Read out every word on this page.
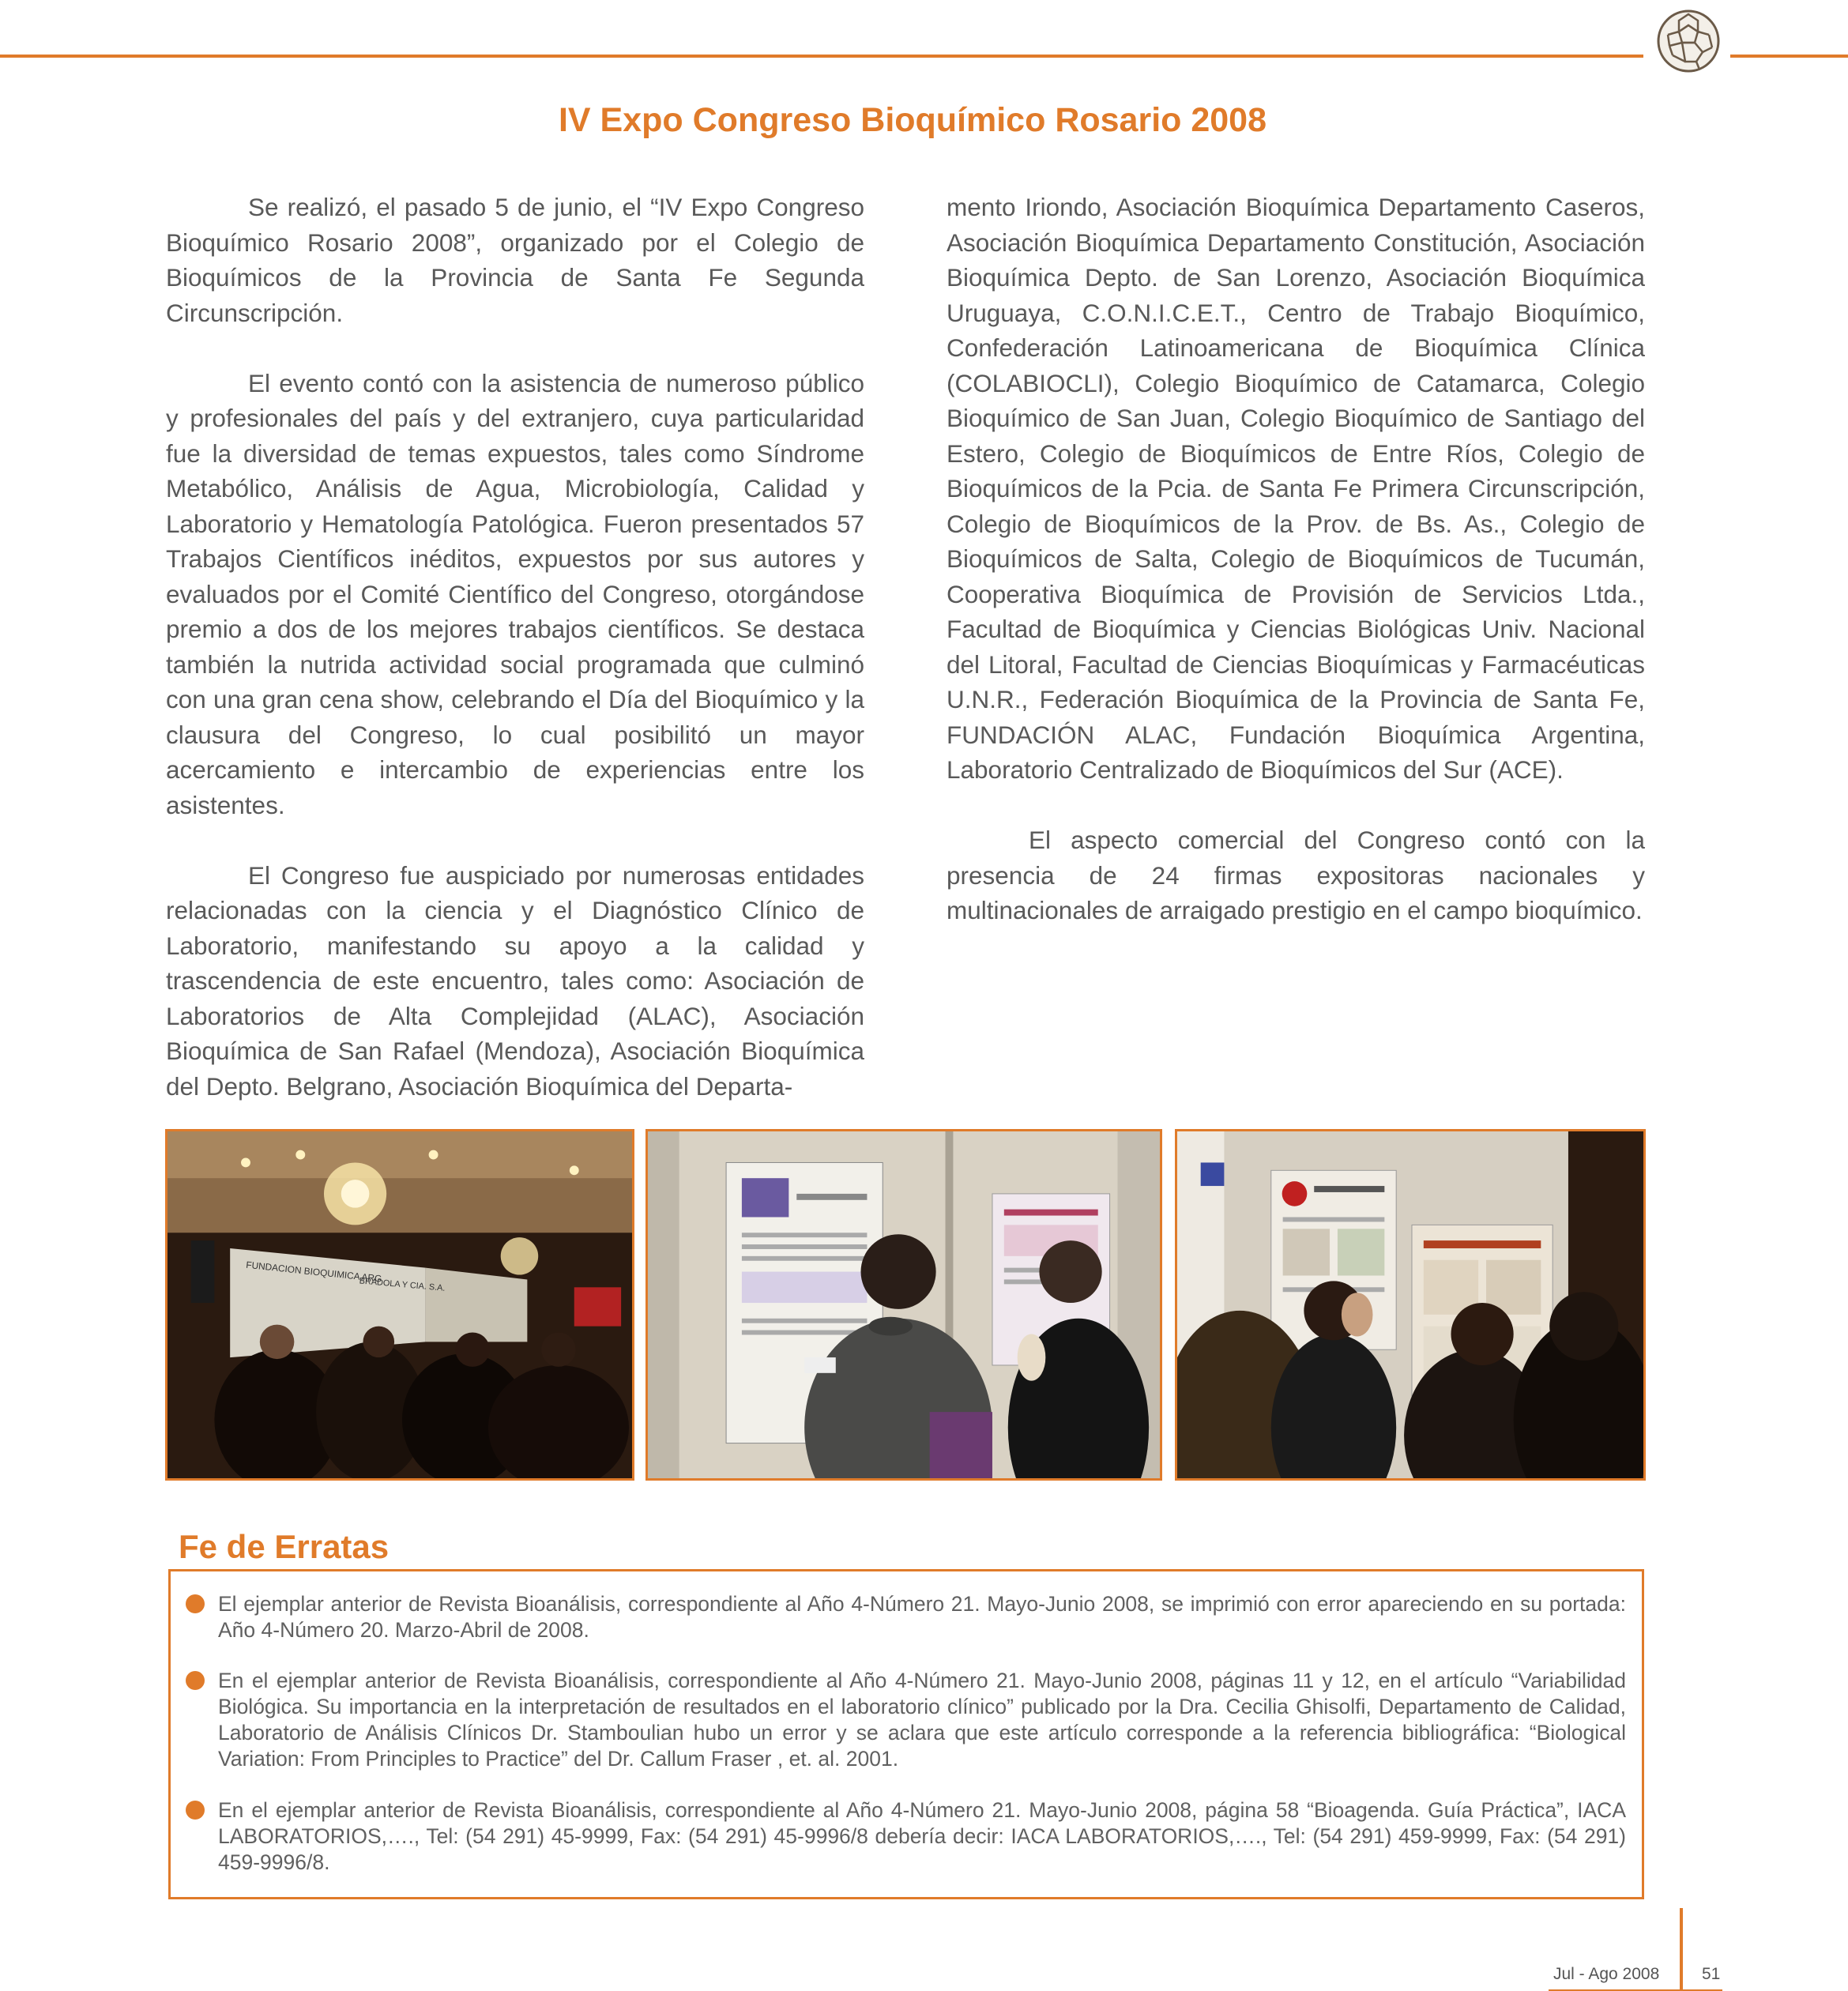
IV Expo Congreso Bioquímico Rosario 2008

Se realizó, el pasado 5 de junio, el “IV Expo Congreso Bioquímico Rosario 2008”, organizado por el Colegio de Bioquímicos de la Provincia de Santa Fe Segunda Circunscripción.

El evento contó con la asistencia de numeroso público y profesionales del país y del extranjero, cuya particularidad fue la diversidad de temas expuestos, tales como Síndrome Metabólico, Análisis de Agua, Microbiología, Calidad y Laboratorio y Hematología Patológica. Fueron presentados 57 Trabajos Científicos inéditos, expuestos por sus autores y evaluados por el Comité Científico del Congreso, otorgándose premio a dos de los mejores trabajos científicos. Se destaca también la nutrida actividad social programada que culminó con una gran cena show, celebrando el Día del Bioquímico y la clausura del Congreso, lo cual posibilitó un mayor acercamiento e intercambio de experiencias entre los asistentes.

El Congreso fue auspiciado por numerosas entidades relacionadas con la ciencia y el Diagnóstico Clínico de Laboratorio, manifestando su apoyo a la calidad y trascendencia de este encuentro, tales como: Asociación de Laboratorios de Alta Complejidad (ALAC), Asociación Bioquímica de San Rafael (Mendoza), Asociación Bioquímica del Depto. Belgrano, Asociación Bioquímica del Departa-

mento Iriondo, Asociación Bioquímica Departamento Caseros, Asociación Bioquímica Departamento Constitución, Asociación Bioquímica Depto. de San Lorenzo, Asociación Bioquímica Uruguaya, C.O.N.I.C.E.T., Centro de Trabajo Bioquímico, Confederación Latinoamericana de Bioquímica Clínica (COLABIOCLI), Colegio Bioquímico de Catamarca, Colegio Bioquímico de San Juan, Colegio Bioquímico de Santiago del Estero, Colegio de Bioquímicos de Entre Ríos, Colegio de Bioquímicos de la Pcia. de Santa Fe Primera Circunscripción, Colegio de Bioquímicos de la Prov. de Bs. As., Colegio de Bioquímicos de Salta, Colegio de Bioquímicos de Tucumán, Cooperativa Bioquímica de Provisión de Servicios Ltda., Facultad de Bioquímica y Ciencias Biológicas Univ. Nacional del Litoral, Facultad de Ciencias Bioquímicas y Farmacéuticas U.N.R., Federación Bioquímica de la Provincia de Santa Fe, FUNDACIÓN ALAC, Fundación Bioquímica Argentina, Laboratorio Centralizado de Bioquímicos del Sur (ACE).

El aspecto comercial del Congreso contó con la presencia de 24 firmas expositoras nacionales y multinacionales de arraigado prestigio en el campo bioquímico.

FUNDACION BIOQUIMICA ARG
BRADOLA Y CIA. S.A.
Fe de Erratas
El ejemplar anterior de Revista Bioanálisis, correspondiente al Año 4-Número 21. Mayo-Junio 2008, se imprimió con error apareciendo en su portada: Año 4-Número 20. Marzo-Abril de 2008.
En el ejemplar anterior de Revista Bioanálisis, correspondiente al Año 4-Número 21. Mayo-Junio 2008, páginas 11 y 12, en el artículo “Variabilidad Biológica. Su importancia en la interpretación de resultados en el laboratorio clínico” publicado por la Dra. Cecilia Ghisolfi, Departamento de Calidad, Laboratorio de Análisis Clínicos Dr. Stamboulian hubo un error y se aclara que este artículo corresponde a la referencia bibliográfica: “Biological Variation: From Principles to Practice” del Dr. Callum Fraser , et. al. 2001.
En el ejemplar anterior de Revista Bioanálisis, correspondiente al Año 4-Número 21. Mayo-Junio 2008, página 58 “Bioagenda. Guía Práctica”, IACA LABORATORIOS,…., Tel: (54 291) 45-9999, Fax: (54 291) 45-9996/8 debería decir: IACA LABORATORIOS,…., Tel: (54 291) 459-9999, Fax: (54 291) 459-9996/8.
Jul - Ago 2008	51
